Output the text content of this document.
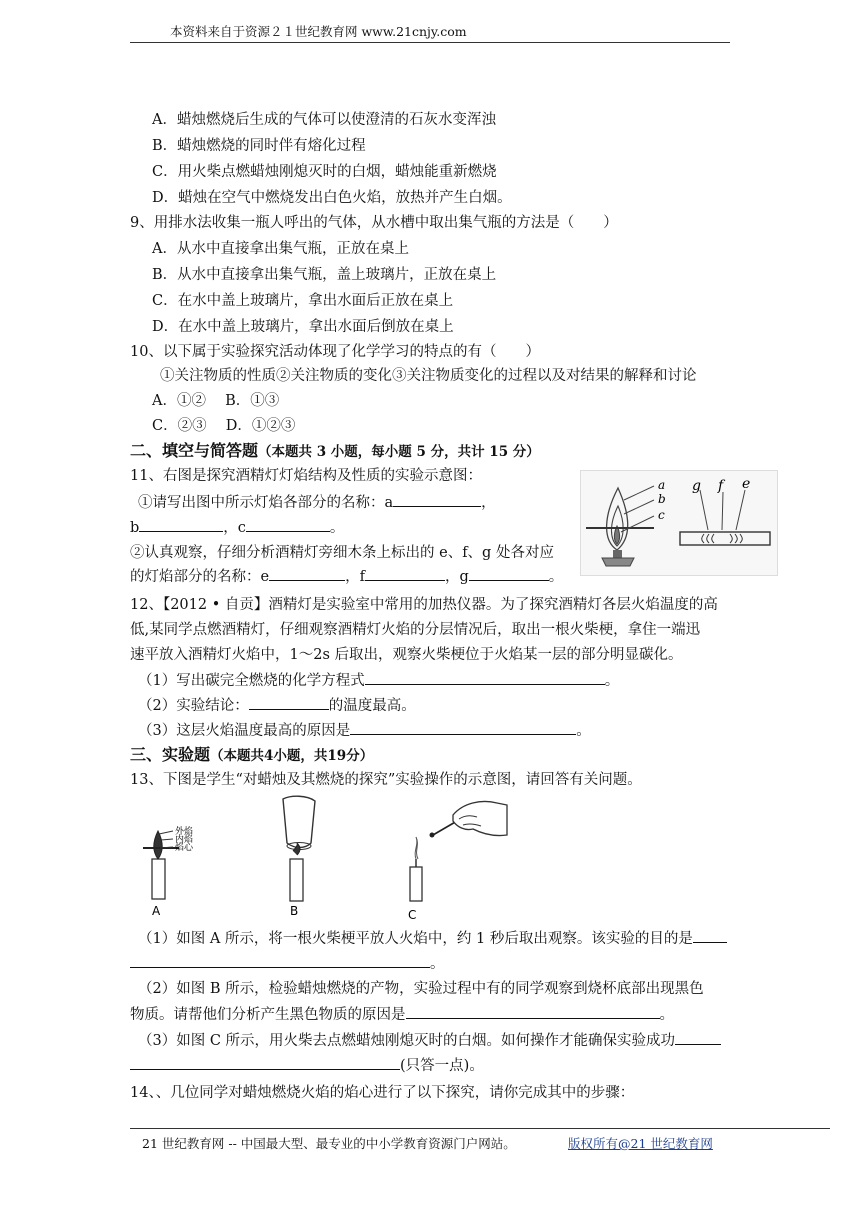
本资料来自于资源２１世纪教育网 www.21cnjy.com
A．蜡烛燃烧后生成的气体可以使澄清的石灰水变浑浊
B．蜡烛燃烧的同时伴有熔化过程
C．用火柴点燃蜡烛刚熄灭时的白烟，蜡烛能重新燃烧
D．蜡烛在空气中燃烧发出白色火焰，放热并产生白烟。
9、用排水法收集一瓶人呼出的气体，从水槽中取出集气瓶的方法是（　　）
A．从水中直接拿出集气瓶，正放在桌上
B．从水中直接拿出集气瓶，盖上玻璃片，正放在桌上
C．在水中盖上玻璃片，拿出水面后正放在桌上
D．在水中盖上玻璃片，拿出水面后倒放在桌上
10、以下属于实验探究活动体现了化学学习的特点的有（　　）
①关注物质的性质②关注物质的变化③关注物质变化的过程以及对结果的解释和讨论
A．①②　 B．①③
C．②③　 D．①②③
二、填空与简答题（本题共 3 小题，每小题 5 分，共计 15 分）
11、右图是探究酒精灯灯焰结构及性质的实验示意图：
①请写出图中所示灯焰各部分的名称：a	，
b	，c	。
②认真观察，仔细分析酒精灯旁细木条上标出的 e、f、g 处各对应
的灯焰部分的名称：e	，f	，g	。
a
b
c
g f e
12、【2012 • 自贡】酒精灯是实验室中常用的加热仪器。为了探究酒精灯各层火焰温度的高
低,某同学点燃酒精灯，仔细观察酒精灯火焰的分层情况后，取出一根火柴梗，拿住一端迅
速平放入酒精灯火焰中，1～2s 后取出，观察火柴梗位于火焰某一层的部分明显碳化。
（1）写出碳完全燃烧的化学方程式	。
（2）实验结论：	的温度最高。
（3）这层火焰温度最高的原因是	。
三、实验题（本题共4小题，共19分）
13、下图是学生“对蜡烛及其燃烧的探究”实验操作的示意图，请回答有关问题。
外焰
内焰
焰心
A	B	C
（1）如图 A 所示，将一根火柴梗平放人火焰中，约 1 秒后取出观察。该实验的目的是
。
（2）如图 B 所示，检验蜡烛燃烧的产物，实验过程中有的同学观察到烧杯底部出现黑色
物质。请帮他们分析产生黑色物质的原因是	。
（3）如图 C 所示，用火柴去点燃蜡烛刚熄灭时的白烟。如何操作才能确保实验成功
(只答一点)。
14、、几位同学对蜡烛燃烧火焰的焰心进行了以下探究，请你完成其中的步骤：
21 世纪教育网 -- 中国最大型、最专业的中小学教育资源门户网站。	版权所有@21 世纪教育网
